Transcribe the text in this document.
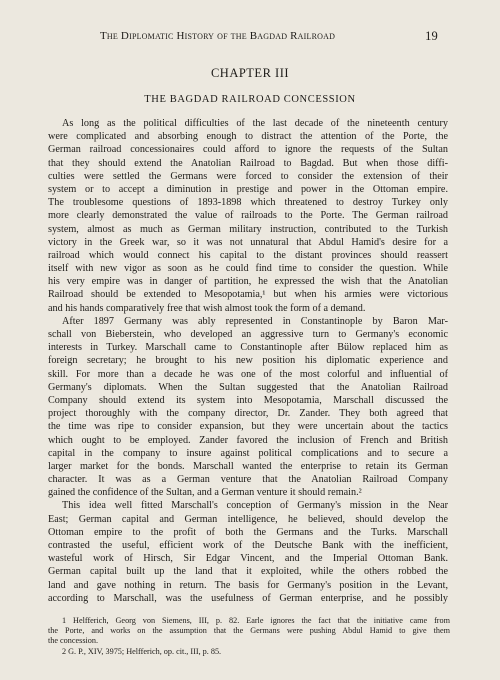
The Diplomatic History of the Bagdad Railroad	19
CHAPTER III
THE BAGDAD RAILROAD CONCESSION
As long as the political difficulties of the last decade of the nineteenth century
were complicated and absorbing enough to distract the attention of the Porte, the
German railroad concessionaires could afford to ignore the requests of the Sultan
that they should extend the Anatolian Railroad to Bagdad. But when those diffi-
culties were settled the Germans were forced to consider the extension of their
system or to accept a diminution in prestige and power in the Ottoman empire.
The troublesome questions of 1893-1898 which threatened to destroy Turkey only
more clearly demonstrated the value of railroads to the Porte. The German railroad
system, almost as much as German military instruction, contributed to the Turkish
victory in the Greek war, so it was not unnatural that Abdul Hamid's desire for a
railroad which would connect his capital to the distant provinces should reassert
itself with new vigor as soon as he could find time to consider the question. While
his very empire was in danger of partition, he expressed the wish that the Anatolian
Railroad should be extended to Mesopotamia,¹ but when his armies were victorious
and his hands comparatively free that wish almost took the form of a demand.
After 1897 Germany was ably represented in Constantinople by Baron Mar-
schall von Bieberstein, who developed an aggressive turn to Germany's economic
interests in Turkey. Marschall came to Constantinople after Bülow replaced him as
foreign secretary; he brought to his new position his diplomatic experience and
skill. For more than a decade he was one of the most colorful and influential of
Germany's diplomats. When the Sultan suggested that the Anatolian Railroad
Company should extend its system into Mesopotamia, Marschall discussed the
project thoroughly with the company director, Dr. Zander. They both agreed that
the time was ripe to consider expansion, but they were uncertain about the tactics
which ought to be employed. Zander favored the inclusion of French and British
capital in the company to insure against political complications and to secure a
larger market for the bonds. Marschall wanted the enterprise to retain its German
character. It was as a German venture that the Anatolian Railroad Company
gained the confidence of the Sultan, and a German venture it should remain.²
This idea well fitted Marschall's conception of Germany's mission in the Near
East; German capital and German intelligence, he believed, should develop the
Ottoman empire to the profit of both the Germans and the Turks. Marschall
contrasted the useful, efficient work of the Deutsche Bank with the inefficient,
wasteful work of Hirsch, Sir Edgar Vincent, and the Imperial Ottoman Bank.
German capital built up the land that it exploited, while the others robbed the
land and gave nothing in return. The basis for Germany's position in the Levant,
according to Marschall, was the usefulness of German enterprise, and he possibly
1 Helfferich, Georg von Siemens, III, p. 82. Earle ignores the fact that the initiative came from
the Porte, and works on the assumption that the Germans were pushing Abdul Hamid to give them
the concession.
2 G. P., XIV, 3975; Helfferich, op. cit., III, p. 85.
